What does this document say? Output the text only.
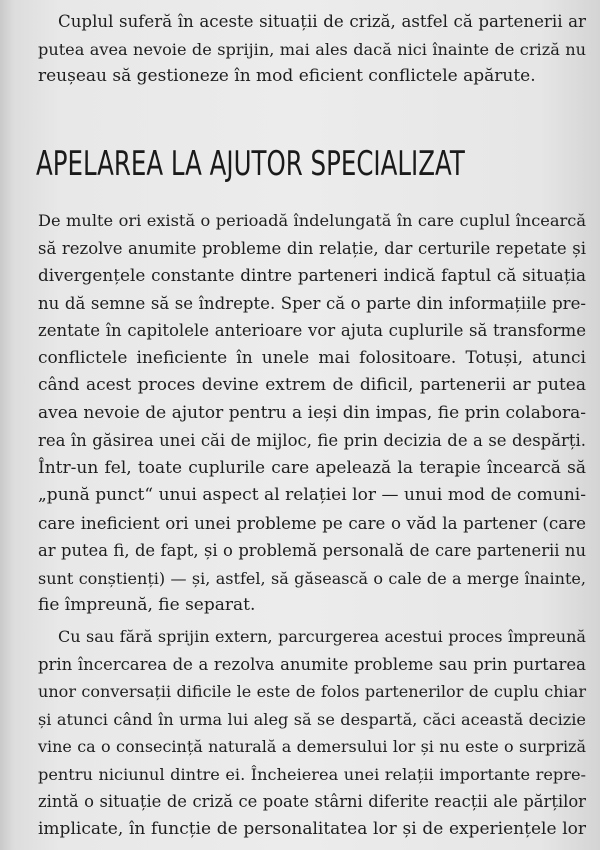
Cuplul suferă în aceste situații de criză, astfel că partenerii ar
putea avea nevoie de sprijin, mai ales dacă nici înainte de criză nu
reușeau să gestioneze în mod eficient conflictele apărute.

APELAREA LA AJUTOR SPECIALIZAT

De multe ori există o perioadă îndelungată în care cuplul încearcă
să rezolve anumite probleme din relație, dar certurile repetate și
divergențele constante dintre parteneri indică faptul că situația
nu dă semne să se îndrepte. Sper că o parte din informațiile pre-
zentate în capitolele anterioare vor ajuta cuplurile să transforme
conflictele ineficiente în unele mai folositoare. Totuși, atunci
când acest proces devine extrem de dificil, partenerii ar putea
avea nevoie de ajutor pentru a ieși din impas, fie prin colabora-
rea în găsirea unei căi de mijloc, fie prin decizia de a se despărți.
Într-un fel, toate cuplurile care apelează la terapie încearcă să
„pună punct“ unui aspect al relației lor — unui mod de comuni-
care ineficient ori unei probleme pe care o văd la partener (care
ar putea fi, de fapt, și o problemă personală de care partenerii nu
sunt conștienți) — și, astfel, să găsească o cale de a merge înainte,
fie împreună, fie separat.

Cu sau fără sprijin extern, parcurgerea acestui proces împreună
prin încercarea de a rezolva anumite probleme sau prin purtarea
unor conversații dificile le este de folos partenerilor de cuplu chiar
și atunci când în urma lui aleg să se despartă, căci această decizie
vine ca o consecință naturală a demersului lor și nu este o surpriză
pentru niciunul dintre ei. Încheierea unei relații importante repre-
zintă o situație de criză ce poate stârni diferite reacții ale părților
implicate, în funcție de personalitatea lor și de experiențele lor
